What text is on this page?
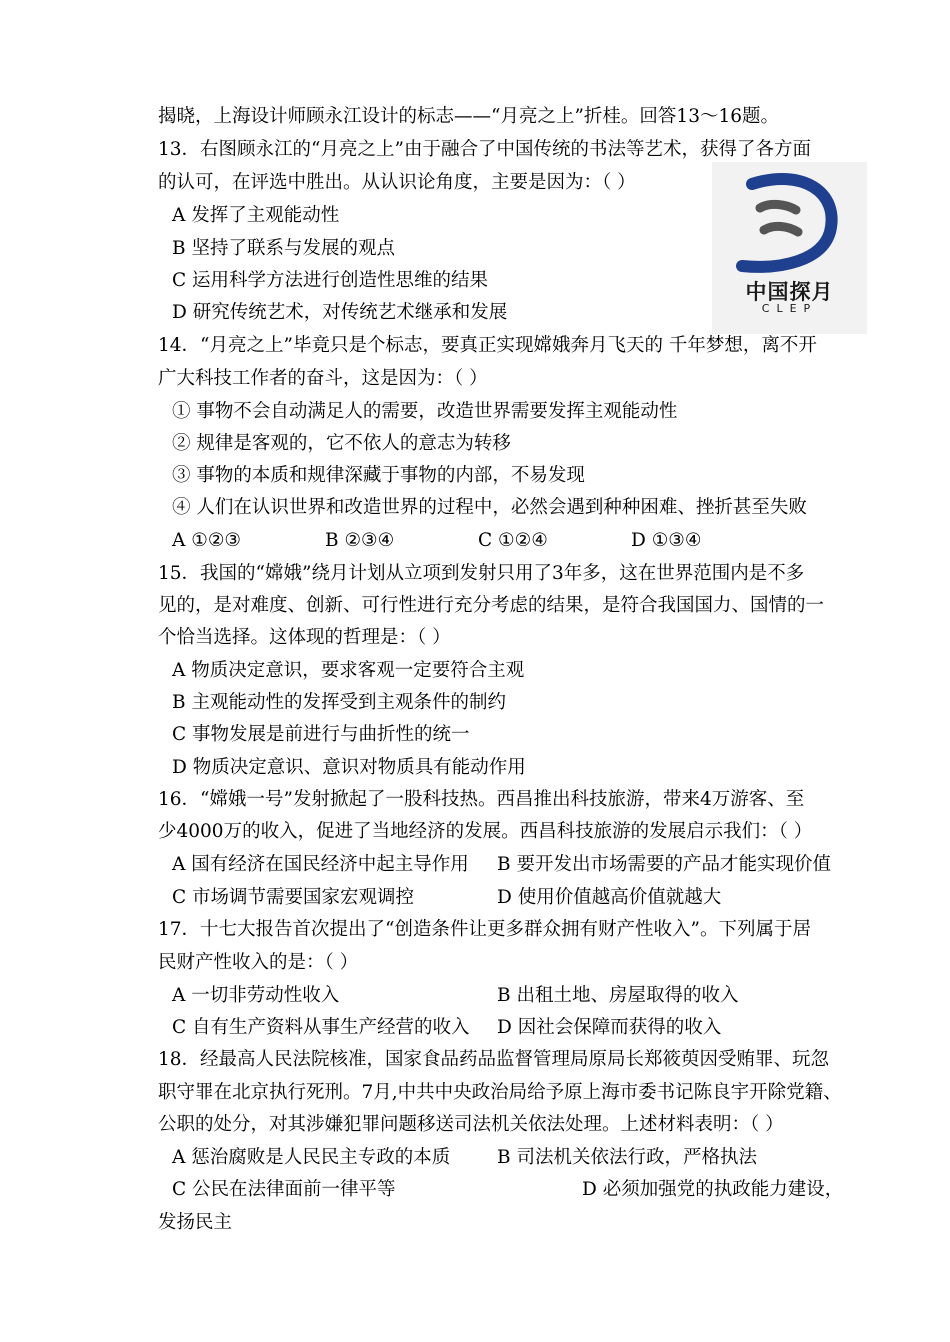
揭晓，上海设计师顾永江设计的标志——“月亮之上”折桂。回答13～16题。
13．右图顾永江的“月亮之上”由于融合了中国传统的书法等艺术，获得了各方面
的认可，在评选中胜出。从认识论角度，主要是因为：（ ）
A 发挥了主观能动性
B 坚持了联系与发展的观点
C 运用科学方法进行创造性思维的结果
D 研究传统艺术，对传统艺术继承和发展
中国探月
CLEP
14．“月亮之上”毕竟只是个标志，要真正实现嫦娥奔月飞天的 千年梦想，离不开
广大科技工作者的奋斗，这是因为：（ ）
① 事物不会自动满足人的需要，改造世界需要发挥主观能动性
② 规律是客观的，它不依人的意志为转移
③ 事物的本质和规律深藏于事物的内部，不易发现
④ 人们在认识世界和改造世界的过程中，必然会遇到种种困难、挫折甚至失败
A ①②③	B ②③④	C ①②④	D ①③④
15．我国的“嫦娥”绕月计划从立项到发射只用了3年多，这在世界范围内是不多
见的，是对难度、创新、可行性进行充分考虑的结果，是符合我国国力、国情的一
个恰当选择。这体现的哲理是：（ ）
A 物质决定意识，要求客观一定要符合主观
B 主观能动性的发挥受到主观条件的制约
C 事物发展是前进行与曲折性的统一
D 物质决定意识、意识对物质具有能动作用
16．“嫦娥一号”发射掀起了一股科技热。西昌推出科技旅游，带来4万游客、至
少4000万的收入，促进了当地经济的发展。西昌科技旅游的发展启示我们：（ ）
A 国有经济在国民经济中起主导作用 B 要开发出市场需要的产品才能实现价值
C 市场调节需要国家宏观调控	D 使用价值越高价值就越大
17．十七大报告首次提出了“创造条件让更多群众拥有财产性收入”。下列属于居
民财产性收入的是：（ ）
A 一切非劳动性收入	B 出租土地、房屋取得的收入
C 自有生产资料从事生产经营的收入 D 因社会保障而获得的收入
18．经最高人民法院核准，国家食品药品监督管理局原局长郑筱萸因受贿罪、玩忽
职守罪在北京执行死刑。7月,中共中央政治局给予原上海市委书记陈良宇开除党籍、
公职的处分，对其涉嫌犯罪问题移送司法机关依法处理。上述材料表明：（ ）
A 惩治腐败是人民民主专政的本质	B 司法机关依法行政，严格执法
C 公民在法律面前一律平等	D 必须加强党的执政能力建设，
发扬民主
